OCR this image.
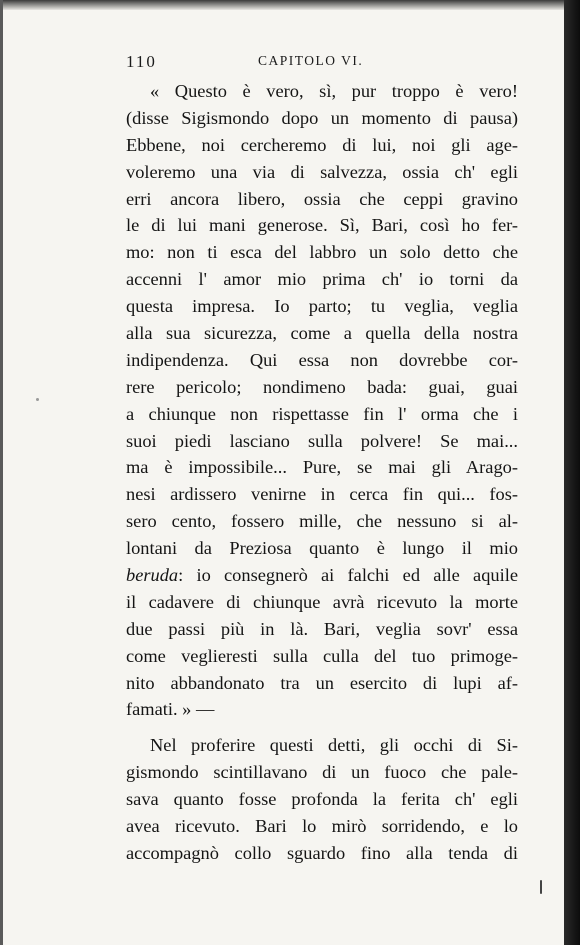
110	CAPITOLO VI.
« Questo è vero, sì, pur troppo è vero!
(disse Sigismondo dopo un momento di pausa)
Ebbene, noi cercheremo di lui, noi gli age-
voleremo una via di salvezza, ossia ch' egli
erri ancora libero, ossia che ceppi gravino
le di lui mani generose. Sì, Bari, così ho fer-
mo: non ti esca del labbro un solo detto che
accenni l' amor mio prima ch' io torni da
questa impresa. Io parto; tu veglia, veglia
alla sua sicurezza, come a quella della nostra
indipendenza. Qui essa non dovrebbe cor-
rere pericolo; nondimeno bada: guai, guai
a chiunque non rispettasse fin l' orma che i
suoi piedi lasciano sulla polvere! Se mai...
ma è impossibile... Pure, se mai gli Arago-
nesi ardissero venirne in cerca fin qui... fos-
sero cento, fossero mille, che nessuno si al-
lontani da Preziosa quanto è lungo il mio
beruda: io consegnerò ai falchi ed alle aquile
il cadavere di chiunque avrà ricevuto la morte
due passi più in là. Bari, veglia sovr' essa
come veglieresti sulla culla del tuo primoge-
nito abbandonato tra un esercito di lupi af-
famati. » —
Nel proferire questi detti, gli occhi di Si-
gismondo scintillavano di un fuoco che pale-
sava quanto fosse profonda la ferita ch' egli
avea ricevuto. Bari lo mirò sorridendo, e lo
accompagnò collo sguardo fino alla tenda di
